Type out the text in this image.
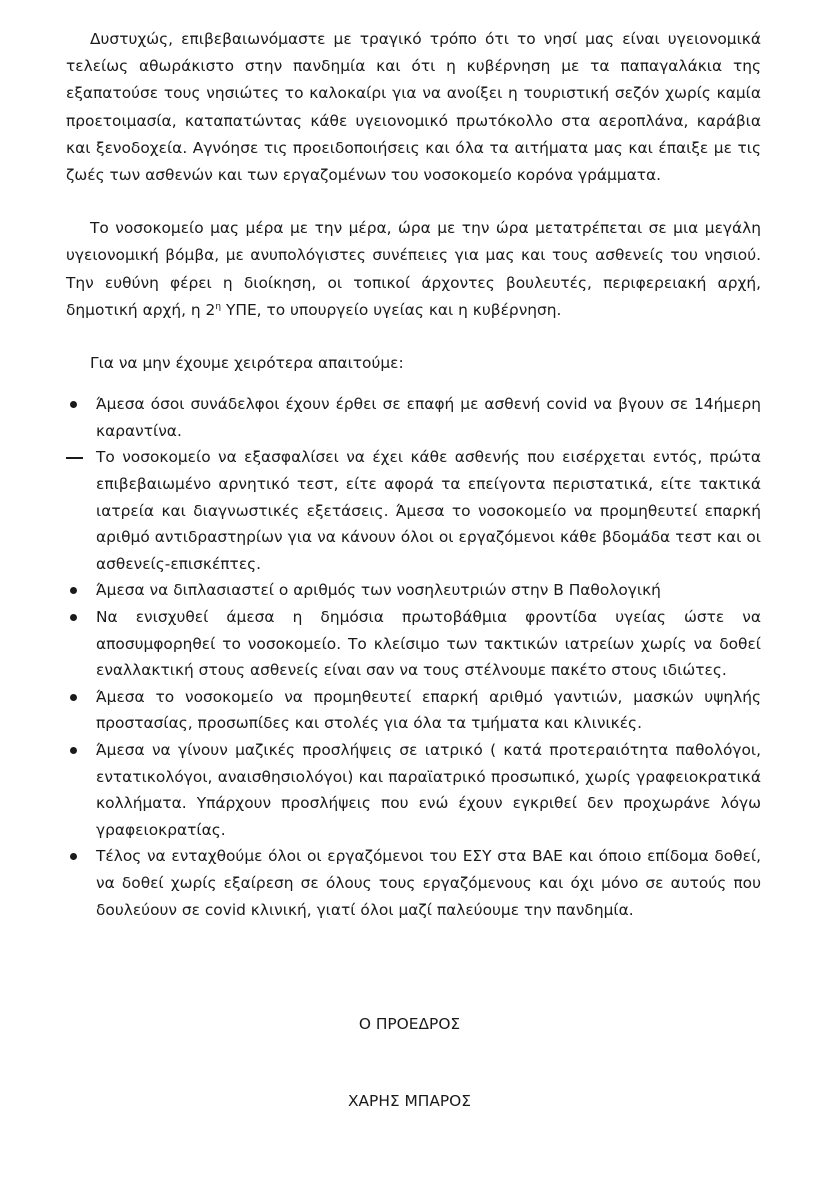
Δυστυχώς, επιβεβαιωνόμαστε με τραγικό τρόπο ότι το νησί μας είναι υγειονομικά τελείως αθωράκιστο στην πανδημία και ότι η κυβέρνηση με τα παπαγαλάκια της εξαπατούσε τους νησιώτες το καλοκαίρι για να ανοίξει η τουριστική σεζόν χωρίς καμία προετοιμασία, καταπατώντας κάθε υγειονομικό πρωτόκολλο στα αεροπλάνα, καράβια και ξενοδοχεία. Αγνόησε τις προειδοποιήσεις και όλα τα αιτήματα μας και έπαιξε με τις ζωές των ασθενών και των εργαζομένων του νοσοκομείο κορόνα γράμματα.

Το νοσοκομείο μας μέρα με την μέρα, ώρα με την ώρα μετατρέπεται σε μια μεγάλη υγειονομική βόμβα, με ανυπολόγιστες συνέπειες για μας και τους ασθενείς του νησιού. Την ευθύνη φέρει η διοίκηση, οι τοπικοί άρχοντες βουλευτές, περιφερειακή αρχή, δημοτική αρχή, η $2^\eta$ ΥΠΕ, το υπουργείο υγείας και η κυβέρνηση.

Για να μην έχουμε χειρότερα απαιτούμε:

Άμεσα όσοι συνάδελφοι έχουν έρθει σε επαφή με ασθενή covid να βγουν σε 14ήμερη καραντίνα.
Το νοσοκομείο να εξασφαλίσει να έχει κάθε ασθενής που εισέρχεται εντός, πρώτα επιβεβαιωμένο αρνητικό τεστ, είτε αφορά τα επείγοντα περιστατικά, είτε τακτικά ιατρεία και διαγνωστικές εξετάσεις. Άμεσα το νοσοκομείο να προμηθευτεί επαρκή αριθμό αντιδραστηρίων για να κάνουν όλοι οι εργαζόμενοι κάθε βδομάδα τεστ και οι ασθενείς-επισκέπτες.
Άμεσα να διπλασιαστεί ο αριθμός των νοσηλευτριών στην Β Παθολογική
Να ενισχυθεί άμεσα η δημόσια πρωτοβάθμια φροντίδα υγείας ώστε να αποσυμφορηθεί το νοσοκομείο. Το κλείσιμο των τακτικών ιατρείων χωρίς να δοθεί εναλλακτική στους ασθενείς είναι σαν να τους στέλνουμε πακέτο στους ιδιώτες.
Άμεσα το νοσοκομείο να προμηθευτεί επαρκή αριθμό γαντιών, μασκών υψηλής προστασίας, προσωπίδες και στολές για όλα τα τμήματα και κλινικές.
Άμεσα να γίνουν μαζικές προσλήψεις σε ιατρικό ( κατά προτεραιότητα παθολόγοι, εντατικολόγοι, αναισθησιολόγοι) και παραϊατρικό προσωπικό, χωρίς γραφειοκρατικά κολλήματα. Υπάρχουν προσλήψεις που ενώ έχουν εγκριθεί δεν προχωράνε λόγω γραφειοκρατίας.
Τέλος να ενταχθούμε όλοι οι εργαζόμενοι του ΕΣΥ στα ΒΑΕ και όποιο επίδομα δοθεί, να δοθεί χωρίς εξαίρεση σε όλους τους εργαζόμενους και όχι μόνο σε αυτούς που δουλεύουν σε covid κλινική, γιατί όλοι μαζί παλεύουμε την πανδημία.
Ο ΠΡΟΕΔΡΟΣ
ΧΑΡΗΣ ΜΠΑΡΟΣ
